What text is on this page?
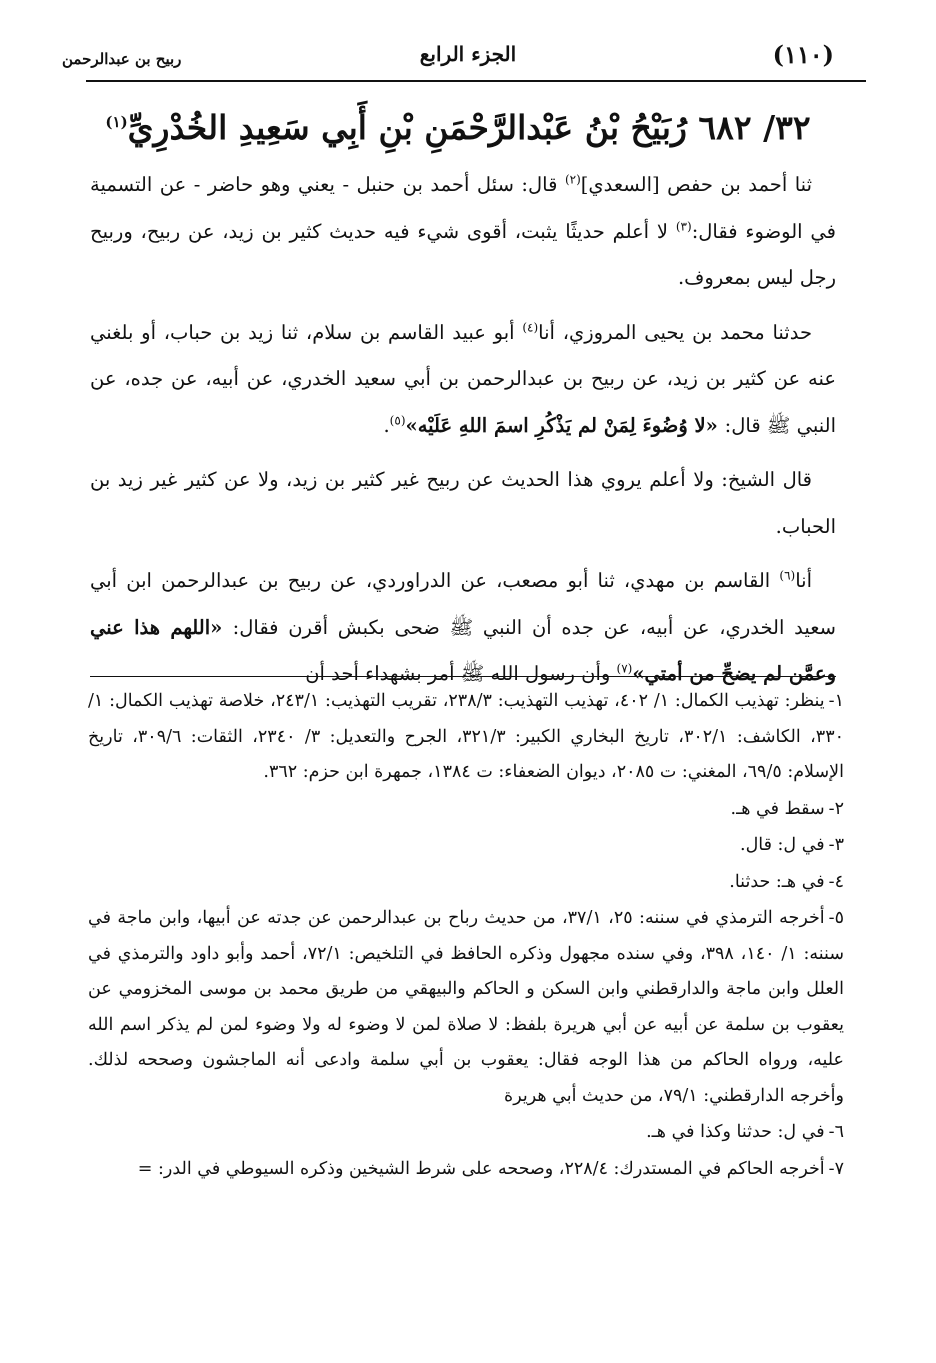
(١١٠)
الجزء الرابع
ربيح بن عبدالرحمن
٣٢/ ٦٨٢ رُبَيْحُ بْنُ عَبْدالرَّحْمَنِ بْنِ أَبِي سَعِيدِ الخُدْرِيِّ$^{(١)}$

ثنا أحمد بن حفص [السعدي]$^{(٢)}$ قال: سئل أحمد بن حنبل - يعني وهو حاضر - عن التسمية في الوضوء فقال:$^{(٣)}$ لا أعلم حديثًا يثبت، أقوى شيء فيه حديث كثير بن زيد، عن ربيح، وربيح رجل ليس بمعروف.

حدثنا محمد بن يحيى المروزي، أنا$^{(٤)}$ أبو عبيد القاسم بن سلام، ثنا زيد بن حباب، أو بلغني عنه عن كثير بن زيد، عن ربيح بن عبدالرحمن بن أبي سعيد الخدري، عن أبيه، عن جده، عن النبي ﷺ قال: «لا وُضُوءَ لِمَنْ لم يَذْكُرِ اسمَ اللهِ عَلَيْه»$^{(٥)}$.

قال الشيخ: ولا أعلم يروي هذا الحديث عن ربيح غير كثير بن زيد، ولا عن كثير غير زيد بن الحباب.

أنا$^{(٦)}$ القاسم بن مهدي، ثنا أبو مصعب، عن الدراوردي، عن ربيح بن عبدالرحمن ابن أبي سعيد الخدري، عن أبيه، عن جده أن النبي ﷺ ضحى بكبش أقرن فقال: «اللهم هذا عني وعمَّن لم يضحِّ من أمتي»$^{(٧)}$ وأن رسول الله ﷺ أمر بشهداء أحد أن

١-ينظر: تهذيب الكمال: ١/ ٤٠٢، تهذيب التهذيب: ٢٣٨/٣، تقريب التهذيب: ٢٤٣/١، خلاصة تهذيب الكمال: ١/ ٣٣٠، الكاشف: ٣٠٢/١، تاريخ البخاري الكبير: ٣٢١/٣، الجرح والتعديل: ٣/ ٢٣٤٠، الثقات: ٣٠٩/٦، تاريخ الإسلام: ٦٩/٥، المغني: ت ٢٠٨٥، ديوان الضعفاء: ت ١٣٨٤، جمهرة ابن حزم: ٣٦٢.
٢-سقط في هـ.
٣-في ل: قال.
٤-في هـ: حدثنا.
٥-أخرجه الترمذي في سننه: ٢٥، ٣٧/١، من حديث رباح بن عبدالرحمن عن جدته عن أبيها، وابن ماجة في سننه: ١/ ١٤٠، ٣٩٨، وفي سنده مجهول وذكره الحافظ في التلخيص: ٧٢/١، أحمد وأبو داود والترمذي في العلل وابن ماجة والدارقطني وابن السكن و الحاكم والبيهقي من طريق محمد بن موسى المخزومي عن يعقوب بن سلمة عن أبيه عن أبي هريرة بلفظ: لا صلاة لمن لا وضوء له ولا وضوء لمن لم يذكر اسم الله عليه، ورواه الحاكم من هذا الوجه فقال: يعقوب بن أبي سلمة وادعى أنه الماجشون وصححه لذلك. وأخرجه الدارقطني: ٧٩/١، من حديث أبي هريرة
٦-في ل: حدثنا وكذا في هـ.
٧-أخرجه الحاكم في المستدرك: ٢٢٨/٤، وصححه على شرط الشيخين وذكره السيوطي في الدر: =
